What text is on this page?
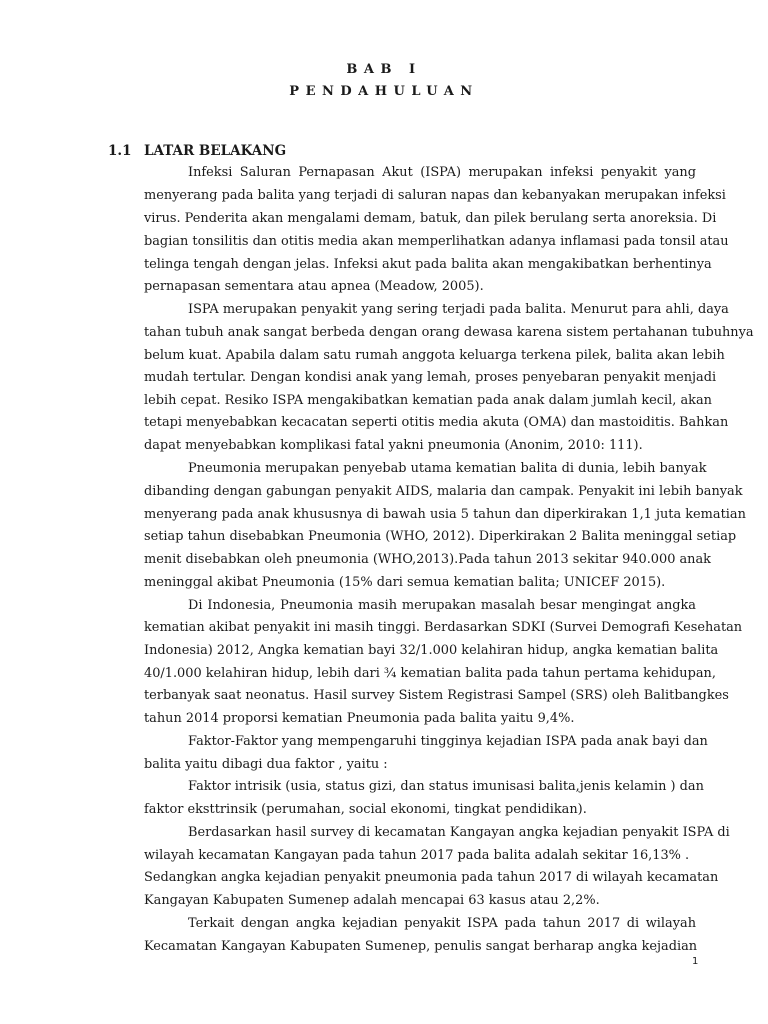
BAB I
PENDAHULUAN
1.1 LATAR BELAKANG
Infeksi Saluran Pernapasan Akut (ISPA) merupakan infeksi penyakit yang
menyerang pada balita yang terjadi di saluran napas dan kebanyakan merupakan infeksi
virus. Penderita akan mengalami demam, batuk, dan pilek berulang serta anoreksia. Di
bagian tonsilitis dan otitis media akan memperlihatkan adanya inflamasi pada tonsil atau
telinga tengah dengan jelas. Infeksi akut pada balita akan mengakibatkan berhentinya
pernapasan sementara atau apnea (Meadow, 2005).
ISPA merupakan penyakit yang sering terjadi pada balita. Menurut para ahli, daya
tahan tubuh anak sangat berbeda dengan orang dewasa karena sistem pertahanan tubuhnya
belum kuat. Apabila dalam satu rumah anggota keluarga terkena pilek, balita akan lebih
mudah tertular. Dengan kondisi anak yang lemah, proses penyebaran penyakit menjadi
lebih cepat. Resiko ISPA mengakibatkan kematian pada anak dalam jumlah kecil, akan
tetapi menyebabkan kecacatan seperti otitis media akuta (OMA) dan mastoiditis. Bahkan
dapat menyebabkan komplikasi fatal yakni pneumonia (Anonim, 2010: 111).
Pneumonia merupakan penyebab utama kematian balita di dunia, lebih banyak
dibanding dengan gabungan penyakit AIDS, malaria dan campak. Penyakit ini lebih banyak
menyerang pada anak khususnya di bawah usia 5 tahun dan diperkirakan 1,1 juta kematian
setiap tahun disebabkan Pneumonia (WHO, 2012). Diperkirakan 2 Balita meninggal setiap
menit disebabkan oleh pneumonia (WHO,2013).Pada tahun 2013 sekitar 940.000 anak
meninggal akibat Pneumonia (15% dari semua kematian balita; UNICEF 2015).
Di Indonesia, Pneumonia masih merupakan masalah besar mengingat angka
kematian akibat penyakit ini masih tinggi. Berdasarkan SDKI (Survei Demografi Kesehatan
Indonesia) 2012, Angka kematian bayi 32/1.000 kelahiran hidup, angka kematian balita
40/1.000 kelahiran hidup, lebih dari ¾ kematian balita pada tahun pertama kehidupan,
terbanyak saat neonatus. Hasil survey Sistem Registrasi Sampel (SRS) oleh Balitbangkes
tahun 2014 proporsi kematian Pneumonia pada balita yaitu 9,4%.
Faktor-Faktor yang mempengaruhi tingginya kejadian ISPA pada anak bayi dan
balita yaitu dibagi dua faktor , yaitu :
Faktor intrisik (usia, status gizi, dan status imunisasi balita,jenis kelamin ) dan
faktor eksttrinsik (perumahan, social ekonomi, tingkat pendidikan).
Berdasarkan hasil survey di kecamatan Kangayan angka kejadian penyakit ISPA di
wilayah kecamatan Kangayan pada tahun 2017 pada balita adalah sekitar 16,13% .
Sedangkan angka kejadian penyakit pneumonia pada tahun 2017 di wilayah kecamatan
Kangayan Kabupaten Sumenep adalah mencapai 63 kasus atau 2,2%.
Terkait dengan angka kejadian penyakit ISPA pada tahun 2017 di wilayah
Kecamatan Kangayan Kabupaten Sumenep, penulis sangat berharap angka kejadian
1
